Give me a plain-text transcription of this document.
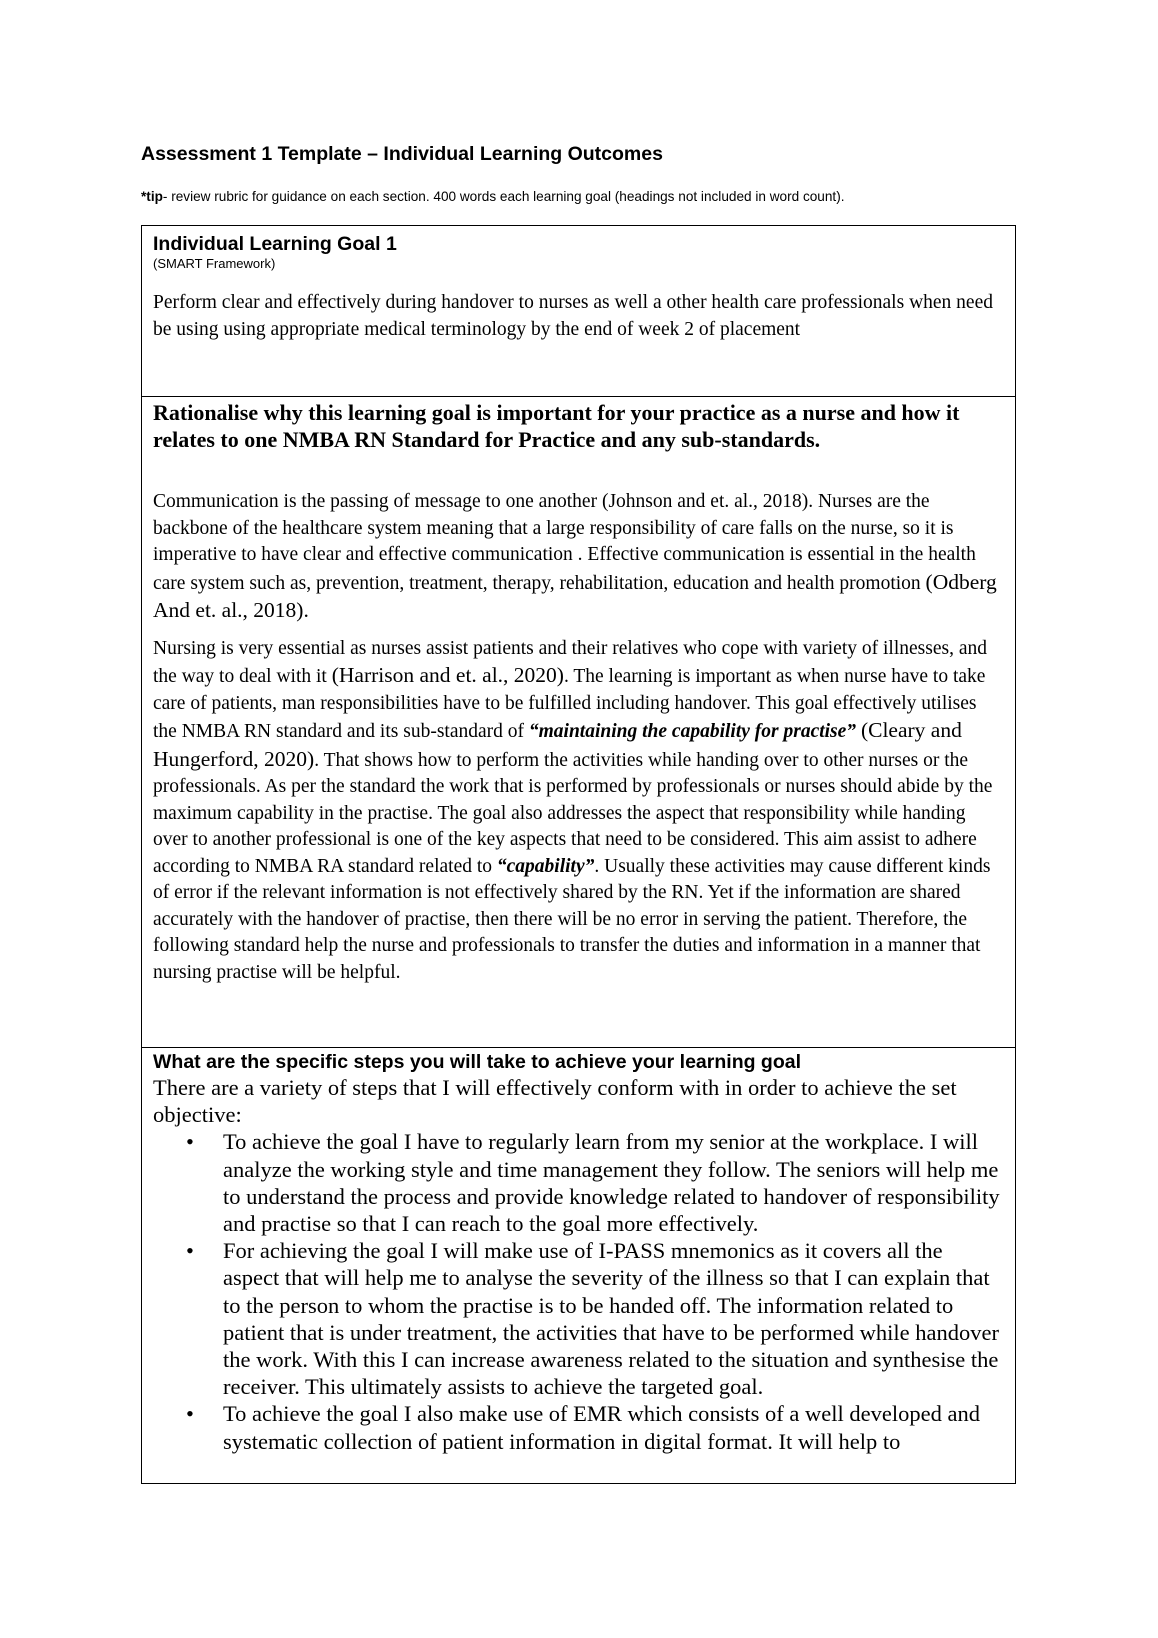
Assessment 1 Template – Individual Learning Outcomes

*tip- review rubric for guidance on each section. 400 words each learning goal (headings not included in word count).

Individual Learning Goal 1

(SMART Framework)

Perform clear and effectively during handover to nurses as well a other health care professionals when need be using using appropriate medical terminology by the end of week 2 of placement

Rationalise why this learning goal is important for your practice as a nurse and how it relates to one NMBA RN Standard for Practice and any sub-standards.

Communication is the passing of message to one another (Johnson and et. al., 2018). Nurses are the backbone of the healthcare system meaning that a large responsibility of care falls on the nurse, so it is imperative to have clear and effective communication . Effective communication is essential in the health care system such as, prevention, treatment, therapy, rehabilitation, education and health promotion (Odberg And et. al., 2018).

Nursing is very essential as nurses assist patients and their relatives who cope with variety of illnesses, and the way to deal with it (Harrison and et. al., 2020). The learning is important as when nurse have to take care of patients, man responsibilities have to be fulfilled including handover. This goal effectively utilises the NMBA RN standard and its sub-standard of “maintaining the capability for practise” (Cleary and Hungerford, 2020). That shows how to perform the activities while handing over to other nurses or the professionals. As per the standard the work that is performed by professionals or nurses should abide by the maximum capability in the practise. The goal also addresses the aspect that responsibility while handing over to another professional is one of the key aspects that need to be considered. This aim assist to adhere according to NMBA RA standard related to “capability”. Usually these activities may cause different kinds of error if the relevant information is not effectively shared by the RN. Yet if the information are shared accurately with the handover of practise, then there will be no error in serving the patient. Therefore, the following standard help the nurse and professionals to transfer the duties and information in a manner that nursing practise will be helpful.

What are the specific steps you will take to achieve your learning goal

There are a variety of steps that I will effectively conform with in order to achieve the set objective:

• To achieve the goal I have to regularly learn from my senior at the workplace. I will analyze the working style and time management they follow. The seniors will help me to understand the process and provide knowledge related to handover of responsibility and practise so that I can reach to the goal more effectively.
• For achieving the goal I will make use of I-PASS mnemonics as it covers all the aspect that will help me to analyse the severity of the illness so that I can explain that to the person to whom the practise is to be handed off. The information related to patient that is under treatment, the activities that have to be performed while handover the work. With this I can increase awareness related to the situation and synthesise the receiver. This ultimately assists to achieve the targeted goal.
• To achieve the goal I also make use of EMR which consists of a well developed and systematic collection of patient information in digital format. It will help to
